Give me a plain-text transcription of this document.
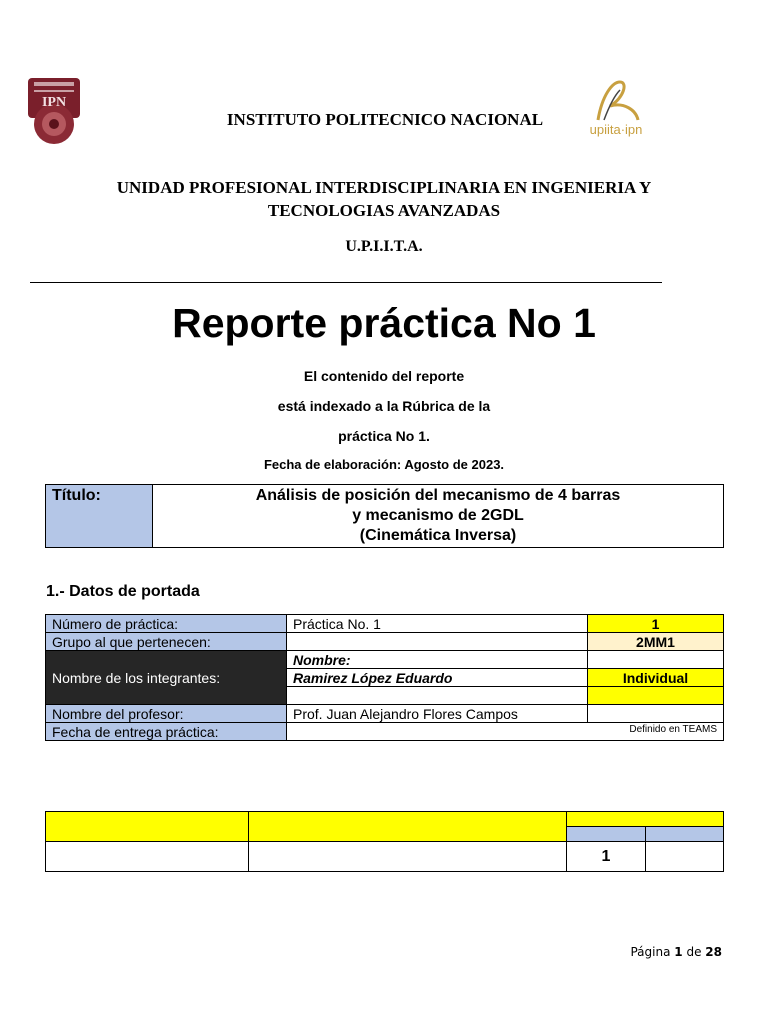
IPN
upiita·ipn
INSTITUTO POLITECNICO NACIONAL
UNIDAD PROFESIONAL INTERDISCIPLINARIA EN INGENIERIA Y
TECNOLOGIAS AVANZADAS
U.P.I.I.T.A.
Reporte práctica No 1
El contenido del reporte
está indexado a la Rúbrica de la
práctica No 1.
Fecha de elaboración: Agosto de 2023.
Título:	Análisis de posición del mecanismo de 4 barras
y mecanismo de 2GDL
(Cinemática Inversa)
1.- Datos de portada
Número de práctica:	Práctica No. 1	1
Grupo al que pertenecen:		2MM1
Nombre de los integrantes:	Nombre:	
	Ramirez López Eduardo	Individual

Nombre del profesor:	Prof. Juan Alejandro Flores Campos	
Fecha de entrega práctica:	Definido en TEAMS	

		1	
Página 1 de 28
